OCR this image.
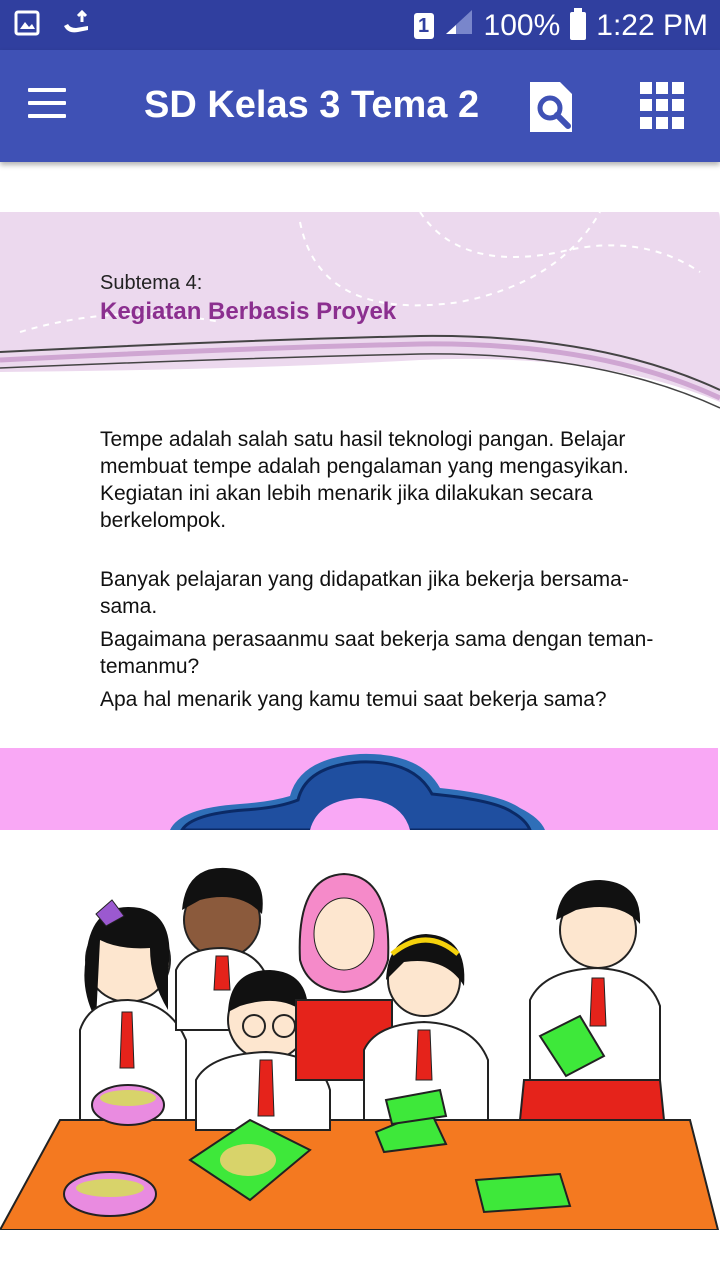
1 100% 1:22 PM
SD Kelas 3 Tema 2
Subtema 4:
Kegiatan Berbasis Proyek
Tempe adalah salah satu hasil teknologi pangan. Belajar membuat tempe adalah pengalaman yang mengasyikan. Kegiatan ini akan lebih menarik jika dilakukan secara berkelompok.
Banyak pelajaran yang didapatkan jika bekerja bersama-sama.
Bagaimana perasaanmu saat bekerja sama dengan teman-temanmu?
Apa hal menarik yang kamu temui saat bekerja sama?
